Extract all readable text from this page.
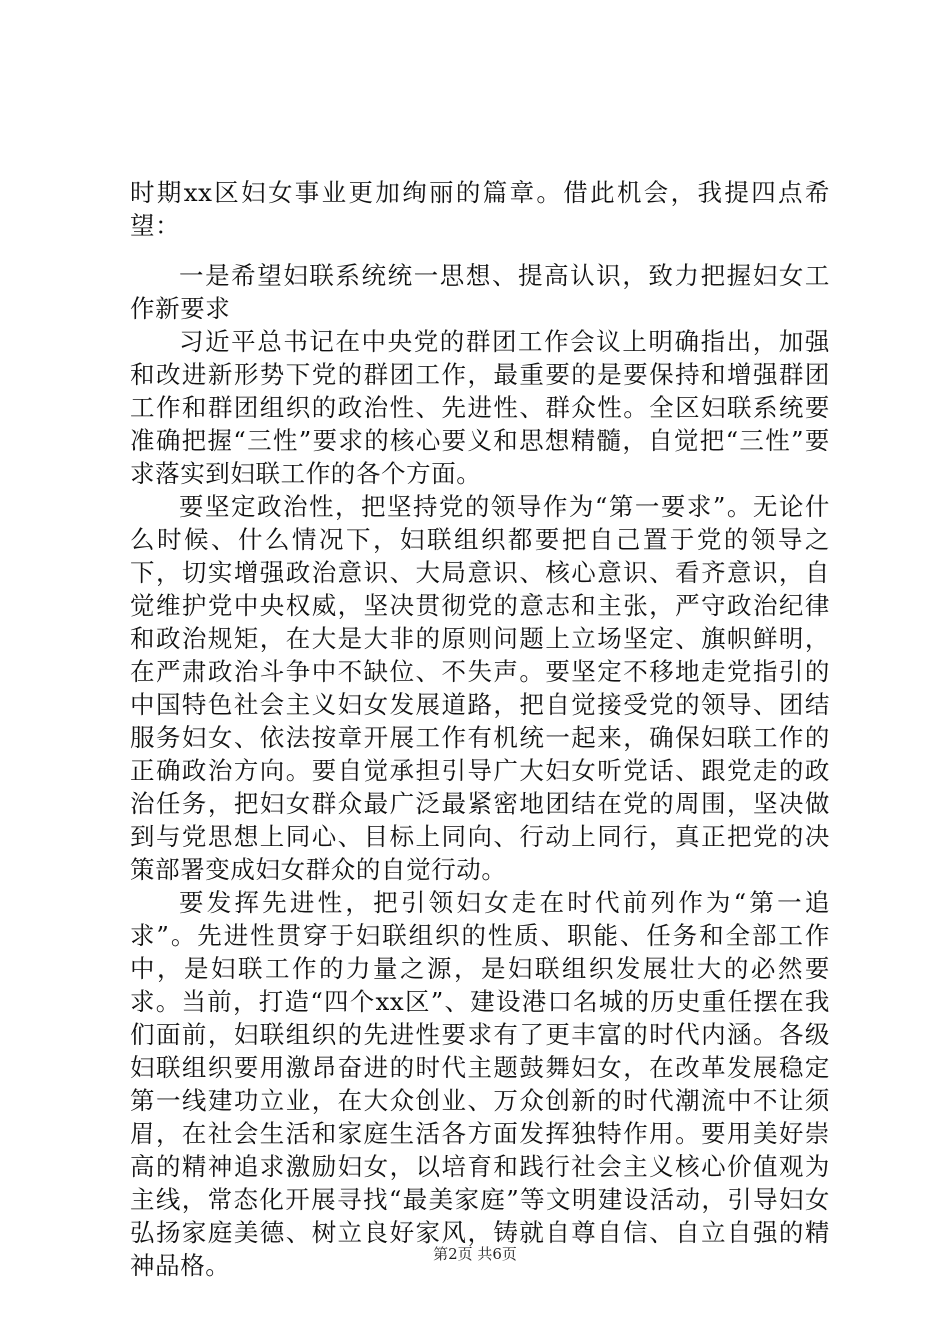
时期xx区妇女事业更加绚丽的篇章。借此机会，我提四点希望：

一是希望妇联系统统一思想、提高认识，致力把握妇女工作新要求

习近平总书记在中央党的群团工作会议上明确指出，加强和改进新形势下党的群团工作，最重要的是要保持和增强群团工作和群团组织的政治性、先进性、群众性。全区妇联系统要准确把握“三性”要求的核心要义和思想精髓，自觉把“三性”要求落实到妇联工作的各个方面。

要坚定政治性，把坚持党的领导作为“第一要求”。无论什么时候、什么情况下，妇联组织都要把自己置于党的领导之下，切实增强政治意识、大局意识、核心意识、看齐意识，自觉维护党中央权威，坚决贯彻党的意志和主张，严守政治纪律和政治规矩，在大是大非的原则问题上立场坚定、旗帜鲜明，在严肃政治斗争中不缺位、不失声。要坚定不移地走党指引的中国特色社会主义妇女发展道路，把自觉接受党的领导、团结服务妇女、依法按章开展工作有机统一起来，确保妇联工作的正确政治方向。要自觉承担引导广大妇女听党话、跟党走的政治任务，把妇女群众最广泛最紧密地团结在党的周围，坚决做到与党思想上同心、目标上同向、行动上同行，真正把党的决策部署变成妇女群众的自觉行动。

要发挥先进性，把引领妇女走在时代前列作为“第一追求”。先进性贯穿于妇联组织的性质、职能、任务和全部工作中，是妇联工作的力量之源，是妇联组织发展壮大的必然要求。当前，打造“四个xx区”、建设港口名城的历史重任摆在我们面前，妇联组织的先进性要求有了更丰富的时代内涵。各级妇联组织要用激昂奋进的时代主题鼓舞妇女，在改革发展稳定第一线建功立业，在大众创业、万众创新的时代潮流中不让须眉，在社会生活和家庭生活各方面发挥独特作用。要用美好崇高的精神追求激励妇女，以培育和践行社会主义核心价值观为主线，常态化开展寻找“最美家庭”等文明建设活动，引导妇女弘扬家庭美德、树立良好家风，铸就自尊自信、自立自强的精神品格。	第2页 共6页
